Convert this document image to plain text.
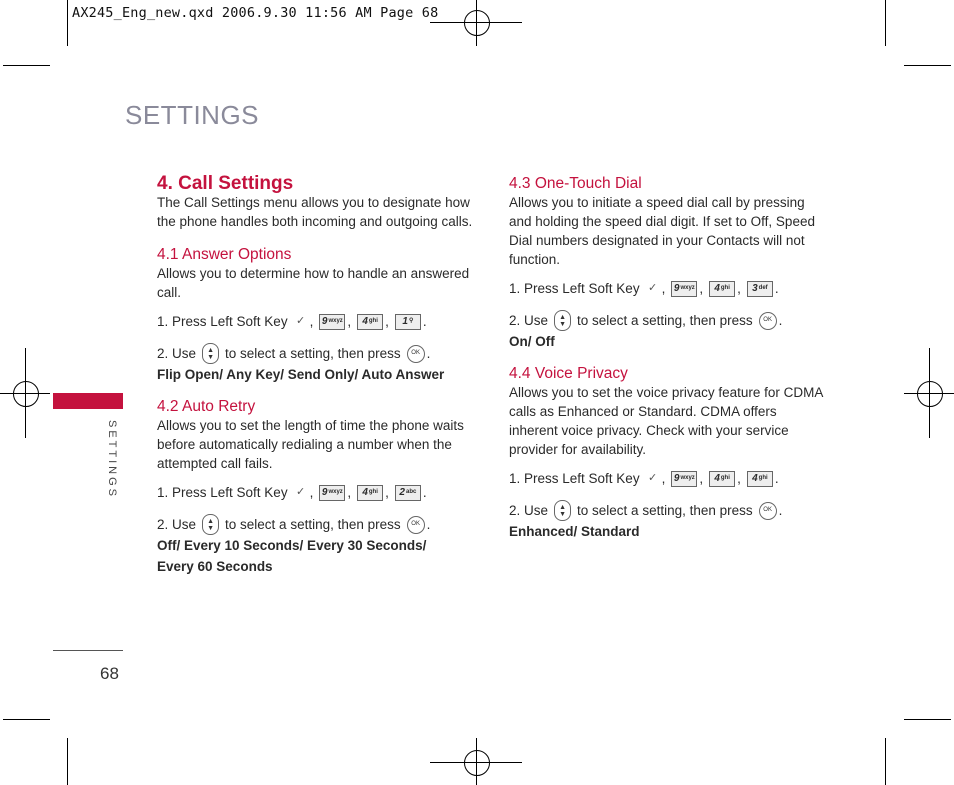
AX245_Eng_new.qxd 2006.9.30 11:56 AM Page 68
SETTINGS
SETTINGS
68

4. Call Settings

The Call Settings menu allows you to designate how the phone handles both incoming and outgoing calls.

4.1 Answer Options

Allows you to determine how to handle an answered call.

1. Press Left Soft Key ✓ , 9 wxyz , 4 ghi , 1 ⚲ .
2. Use	▲
▼ to select a setting, then press	OK .

Flip Open/ Any Key/ Send Only/ Auto Answer

4.2 Auto Retry

Allows you to set the length of time the phone waits before automatically redialing a number when the attempted call fails.

1. Press Left Soft Key ✓ , 9 wxyz , 4 ghi , 2 abc .
2. Use	▲
▼ to select a setting, then press	OK .

Off/ Every 10 Seconds/ Every 30 Seconds/
Every 60 Seconds

4.3 One-Touch Dial

Allows you to initiate a speed dial call by pressing and holding the speed dial digit. If set to Off, Speed Dial numbers designated in your Contacts will not function.

1. Press Left Soft Key ✓ , 9 wxyz , 4 ghi , 3 def .
2. Use	▲
▼ to select a setting, then press	OK .

On/ Off

4.4 Voice Privacy

Allows you to set the voice privacy feature for CDMA calls as Enhanced or Standard. CDMA offers inherent voice privacy. Check with your service provider for availability.

1. Press Left Soft Key ✓ , 9 wxyz , 4 ghi , 4 ghi .
2. Use	▲
▼ to select a setting, then press	OK .

Enhanced/ Standard
